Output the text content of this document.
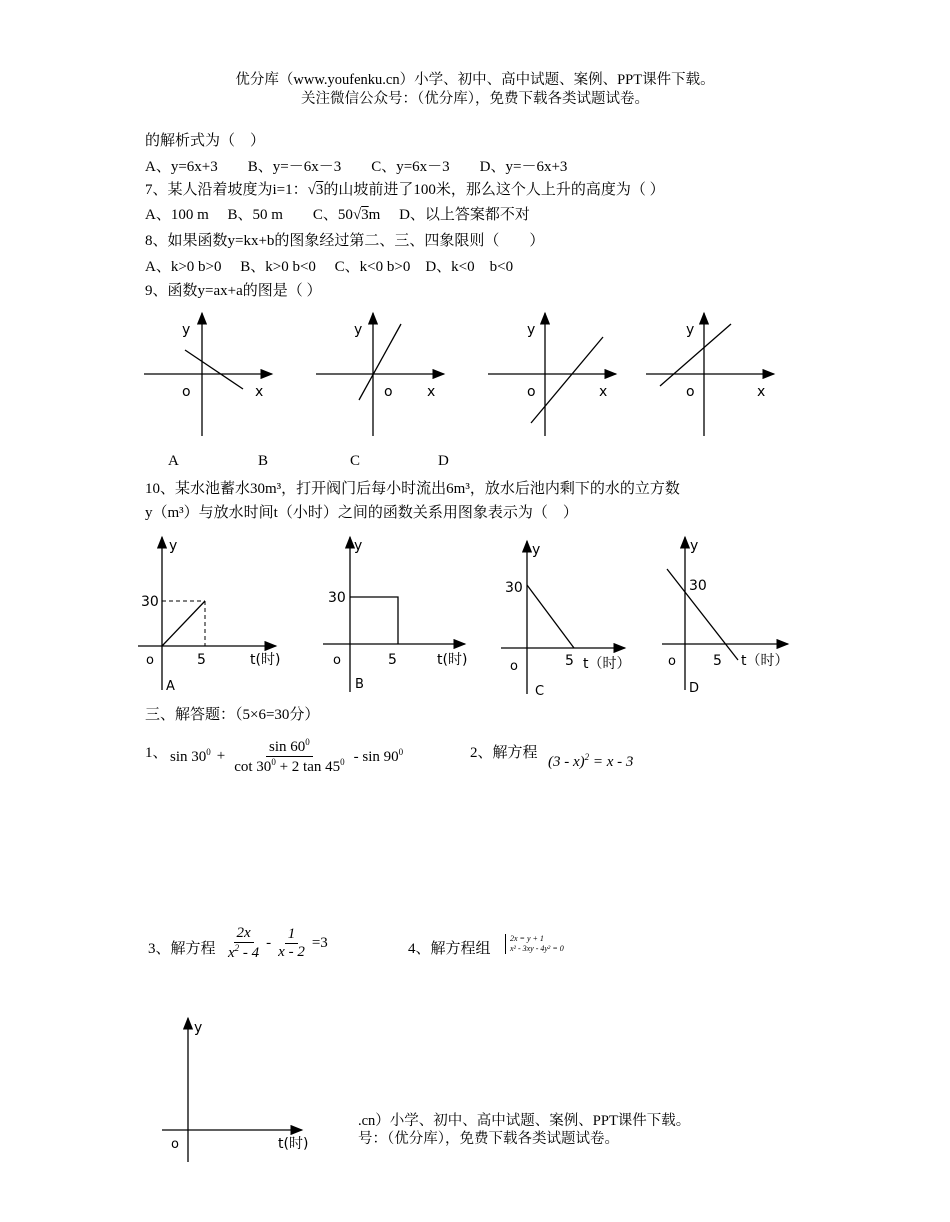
优分库（www.youfenku.cn）小学、初中、高中试题、案例、PPT课件下载。
关注微信公众号：（优分库），免费下载各类试题试卷。
的解析式为（　）
A、y=6x+3　　B、y=－6x－3　　C、y=6x－3　　D、y=－6x+3
7、某人沿着坡度为i=1：√3的山坡前进了100米，那么这个人上升的高度为（ ）
A、100 m　 B、50 m　　C、50√3m　 D、以上答案都不对
8、如果函数y=kx+b的图象经过第二、三、四象限则（　　）
A、k>0 b>0　 B、k>0 b<0　 C、k<0 b>0　D、k<0　b<0
9、函数y=ax+a的图是（ ）
y
o	x
y
o x
y
o	x
y
o	x
A	B	C	D
10、某水池蓄水30m³，打开阀门后每小时流出6m³，放水后池内剩下的水的立方数
y（m³）与放水时间t（小时）之间的函数关系用图象表示为（　）
y
30
o	5	t(时)
A
y
30
o	5	t(时)
B
y
30
o	5 t（时）
C
y
30
o	5 t（时）
D
三、解答题：（5×6=30分）
1、 $\sin 30^0 + \frac{\sin 60^0}{\cot 30^0 + 2 \tan 45^0} - \sin 90^0$	2、解方程
(3 - x)$^2$ = x - 3
3、解方程 $\frac{2x}{x^2 - 4} - \frac{1}{x - 2} =3$	4、解方程组
2x = y + 1
x² - 3xy - 4y² = 0
y
o	t(时)
.cn）小学、初中、高中试题、案例、PPT课件下载。
号：（优分库），免费下载各类试题试卷。
